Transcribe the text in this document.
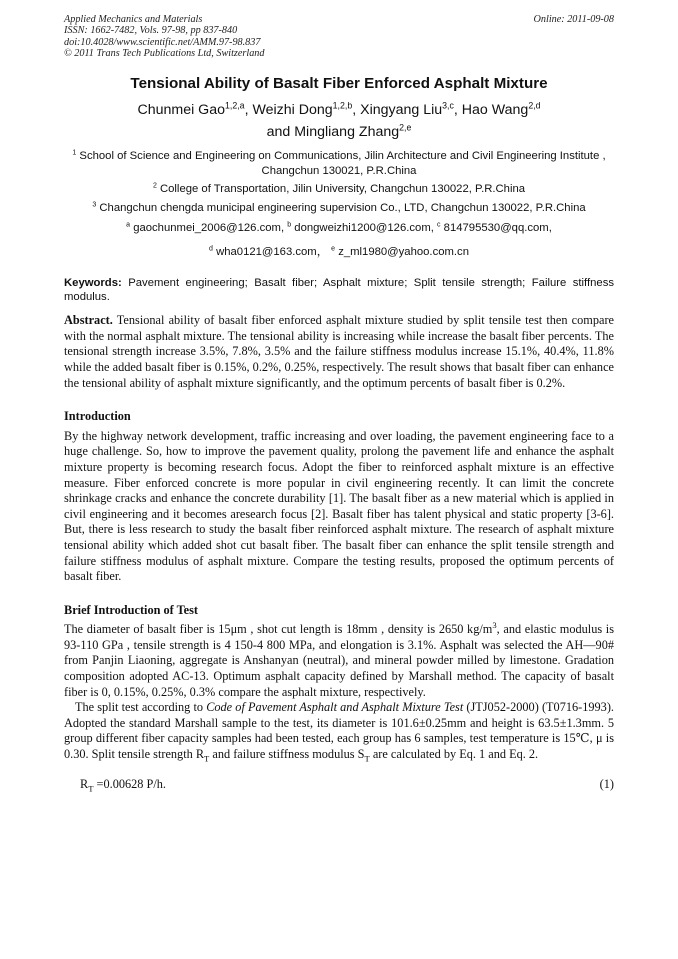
Applied Mechanics and Materials
ISSN: 1662-7482, Vols. 97-98, pp 837-840
doi:10.4028/www.scientific.net/AMM.97-98.837
© 2011 Trans Tech Publications Ltd, Switzerland
Online: 2011-09-08
Tensional Ability of Basalt Fiber Enforced Asphalt Mixture
Chunmei Gao$^{1,2,a}$, Weizhi Dong$^{1,2,b}$, Xingyang Liu$^{3,c}$, Hao Wang$^{2,d}$
and Mingliang Zhang$^{2,e}$
$^1$ School of Science and Engineering on Communications, Jilin Architecture and Civil Engineering Institute , Changchun 130021, P.R.China
$^2$ College of Transportation, Jilin University, Changchun 130022, P.R.China
$^3$ Changchun chengda municipal engineering supervision Co., LTD, Changchun 130022, P.R.China
$^a$ gaochunmei_2006@126.com, $^b$ dongweizhi1200@126.com, $^c$ 814795530@qq.com,
$^d$ wha0121@163.com， $^e$ z_ml1980@yahoo.com.cn
Keywords: Pavement engineering; Basalt fiber; Asphalt mixture; Split tensile strength; Failure stiffness modulus.
Abstract. Tensional ability of basalt fiber enforced asphalt mixture studied by split tensile test then compare with the normal asphalt mixture. The tensional ability is increasing while increase the basalt fiber percents. The tensional strength increase 3.5%, 7.8%, 3.5% and the failure stiffness modulus increase 15.1%, 40.4%, 11.8% while the added basalt fiber is 0.15%, 0.2%, 0.25%, respectively. The result shows that basalt fiber can enhance the tensional ability of asphalt mixture significantly, and the optimum percents of basalt fiber is 0.2%.
Introduction
By the highway network development, traffic increasing and over loading, the pavement engineering face to a huge challenge. So, how to improve the pavement quality, prolong the pavement life and enhance the asphalt mixture property is becoming research focus. Adopt the fiber to reinforced asphalt mixture is an effective measure. Fiber enforced concrete is more popular in civil engineering recently. It can limit the concrete shrinkage cracks and enhance the concrete durability [1]. The basalt fiber as a new material which is applied in civil engineering and it becomes aresearch focus [2]. Basalt fiber has talent physical and static property [3-6]. But, there is less research to study the basalt fiber reinforced asphalt mixture. The research of asphalt mixture tensional ability which added shot cut basalt fiber. The basalt fiber can enhance the split tensile strength and failure stiffness modulus of asphalt mixture. Compare the testing results, proposed the optimum percents of basalt fiber.
Brief Introduction of Test
The diameter of basalt fiber is 15μm , shot cut length is 18mm , density is 2650 $kg/m^3$, and elastic modulus is 93-110 GPa , tensile strength is 4 150-4 800 MPa, and elongation is 3.1%. Asphalt was selected the AH—90# from Panjin Liaoning, aggregate is Anshanyan (neutral), and mineral powder milled by limestone. Gradation composition adopted AC-13. Optimum asphalt capacity defined by Marshall method. The capacity of basalt fiber is 0, 0.15%, 0.25%, 0.3% compare the asphalt mixture, respectively.
The split test according to Code of Pavement Asphalt and Asphalt Mixture Test (JTJ052-2000) (T0716-1993). Adopted the standard Marshall sample to the test, its diameter is 101.6±0.25mm and height is 63.5±1.3mm. 5 group different fiber capacity samples had been tested, each group has 6 samples, test temperature is 15℃, μ is 0.30. Split tensile strength $R_T$ and failure stiffness modulus $S_T$ are calculated by Eq. 1 and Eq. 2.
$R_T =0.00628$ P/h.	(1)
